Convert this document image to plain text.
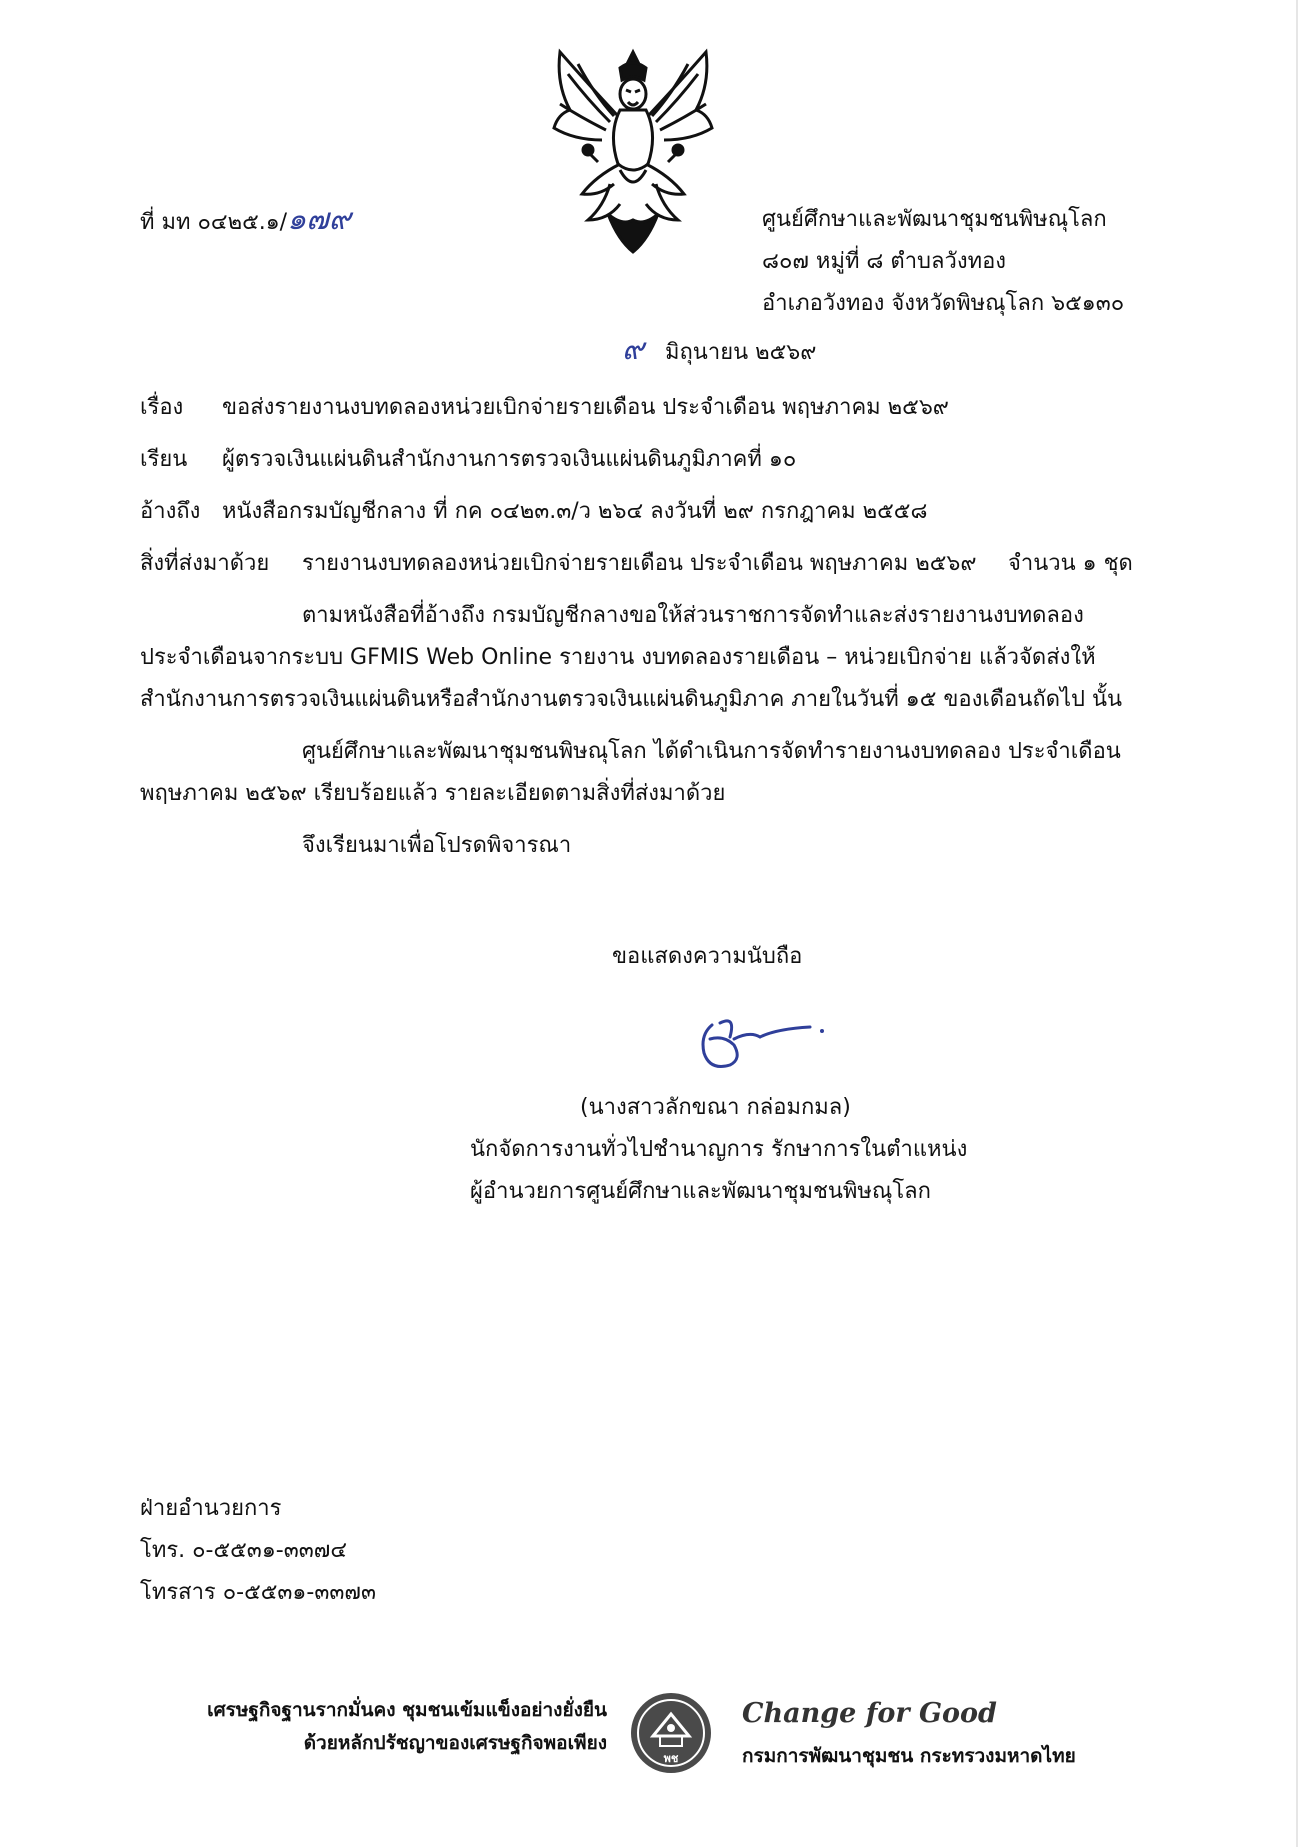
ที่ มท ๐๔๒๕.๑/๑๗๙	ศูนย์ศึกษาและพัฒนาชุมชนพิษณุโลก
๘๐๗ หมู่ที่ ๘ ตำบลวังทอง
อำเภอวังทอง จังหวัดพิษณุโลก ๖๕๑๓๐
๙ มิถุนายน ๒๕๖๙
เรื่อง ขอส่งรายงานงบทดลองหน่วยเบิกจ่ายรายเดือน ประจำเดือน พฤษภาคม ๒๕๖๙
เรียน ผู้ตรวจเงินแผ่นดินสำนักงานการตรวจเงินแผ่นดินภูมิภาคที่ ๑๐
อ้างถึง หนังสือกรมบัญชีกลาง ที่ กค ๐๔๒๓.๓/ว ๒๖๔ ลงวันที่ ๒๙ กรกฎาคม ๒๕๕๘
สิ่งที่ส่งมาด้วย รายงานงบทดลองหน่วยเบิกจ่ายรายเดือน ประจำเดือน พฤษภาคม ๒๕๖๙ จำนวน ๑ ชุด
ตามหนังสือที่อ้างถึง กรมบัญชีกลางขอให้ส่วนราชการจัดทำและส่งรายงานงบทดลอง
ประจำเดือนจากระบบ GFMIS Web Online รายงาน งบทดลองรายเดือน – หน่วยเบิกจ่าย แล้วจัดส่งให้
สำนักงานการตรวจเงินแผ่นดินหรือสำนักงานตรวจเงินแผ่นดินภูมิภาค ภายในวันที่ ๑๕ ของเดือนถัดไป นั้น
ศูนย์ศึกษาและพัฒนาชุมชนพิษณุโลก ได้ดำเนินการจัดทำรายงานงบทดลอง ประจำเดือน
พฤษภาคม ๒๕๖๙ เรียบร้อยแล้ว รายละเอียดตามสิ่งที่ส่งมาด้วย
จึงเรียนมาเพื่อโปรดพิจารณา
ขอแสดงความนับถือ
(นางสาวลักขณา กล่อมกมล)
นักจัดการงานทั่วไปชำนาญการ รักษาการในตำแหน่ง
ผู้อำนวยการศูนย์ศึกษาและพัฒนาชุมชนพิษณุโลก
ฝ่ายอำนวยการ
โทร. ๐-๕๕๓๑-๓๓๗๔
โทรสาร ๐-๕๕๓๑-๓๓๗๓
เศรษฐกิจฐานรากมั่นคง ชุมชนเข้มแข็งอย่างยั่งยืน
ด้วยหลักปรัชญาของเศรษฐกิจพอเพียง
พช
Change for Good
กรมการพัฒนาชุมชน กระทรวงมหาดไทย
